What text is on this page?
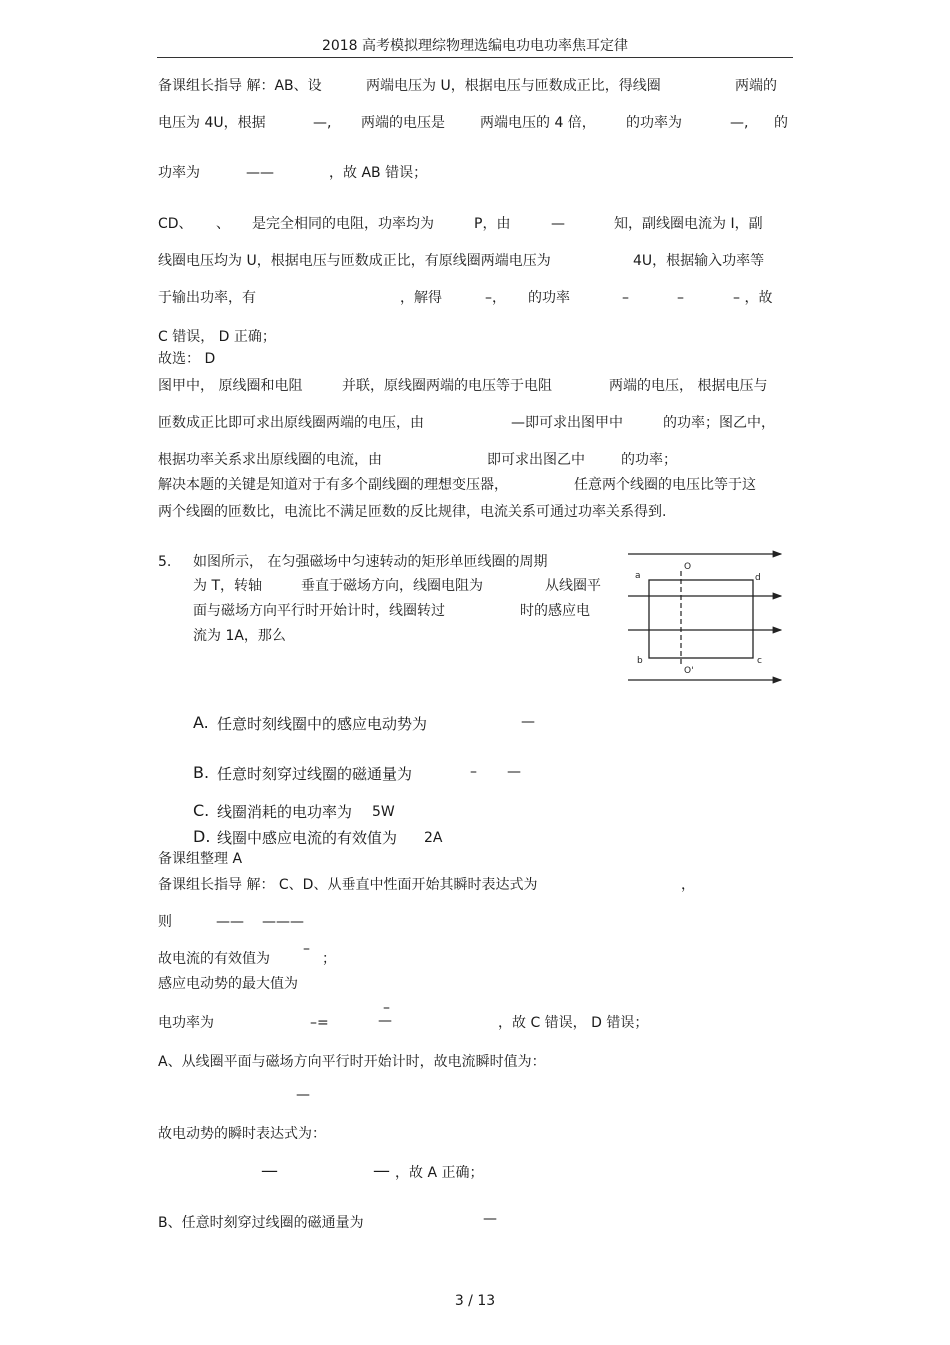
2018 高考模拟理综物理选编电功电功率焦耳定律
备课组长指导 解：AB、设	两端电压为 U，根据电压与匝数成正比，得线圈	两端的
电压为 4U，根据	—, 两端的电压是	两端电压的 4 倍， 的功率为	—, 的
功率为	——	，故 AB 错误；
CD、 、 是完全相同的电阻，功率均为	P，由	—	知，副线圈电流为 I，副
线圈电压均为 U，根据电压与匝数成正比，有原线圈两端电压为	4U，根据输入功率等
于输出功率，有	，解得	–， 的功率	–	–	– ，故
C 错误， D 正确；
故选： D
图甲中， 原线圈和电阻	并联，原线圈两端的电压等于电阻	两端的电压， 根据电压与
匝数成正比即可求出原线圈两端的电压，由	—即可求出图甲中	的功率；图乙中，
根据功率关系求出原线圈的电流，由	即可求出图乙中	的功率；
解决本题的关键是知道对于有多个副线圈的理想变压器，	任意两个线圈的电压比等于这
两个线圈的匝数比，电流比不满足匝数的反比规律，电流关系可通过功率关系得到.
5. 如图所示， 在匀强磁场中匀速转动的矩形单匝线圈的周期
为 T，转轴	垂直于磁场方向，线圈电阻为	从线圈平
面与磁场方向平行时开始计时，线圈转过	时的感应电
流为 1A，那么
a	d
b	c
O
O'
A. 任意时刻线圈中的感应电动势为	—
B. 任意时刻穿过线圈的磁通量为	– —
C. 线圈消耗的电功率为 5W
D. 线圈中感应电流的有效值为 2A
备课组整理 A
备课组长指导 解： C、D、从垂直中性面开始其瞬时表达式为	，
则	—— ———
故电流的有效值为
–
；
感应电动势的最大值为
电功率为	–=
–
—	，故 C 错误， D 错误；
A、从线圈平面与磁场方向平行时开始计时，故电流瞬时值为：
—
故电动势的瞬时表达式为：
—	— ，故 A 正确；
B、任意时刻穿过线圈的磁通量为	—
3 / 13
